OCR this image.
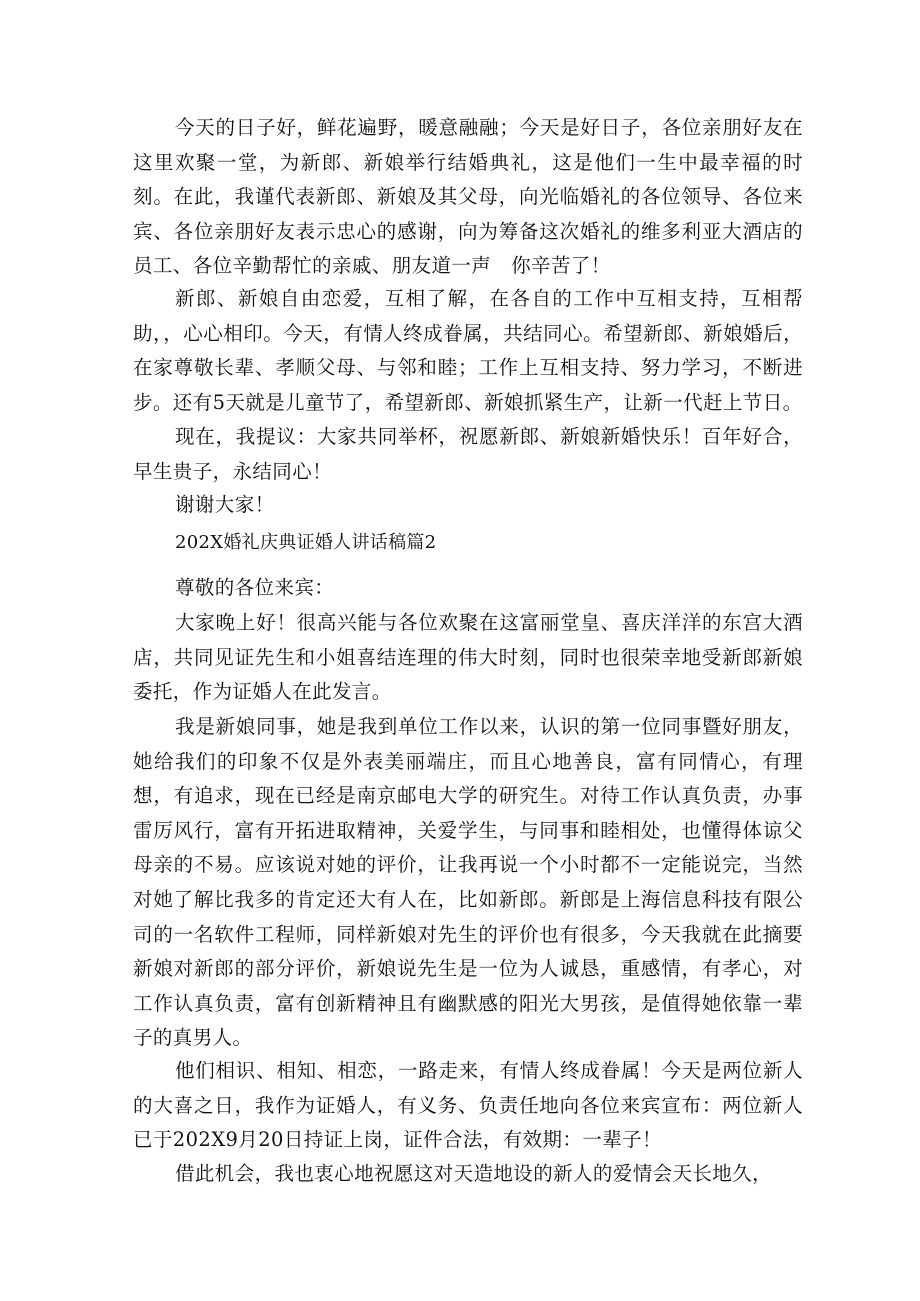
今天的日子好，鲜花遍野，暖意融融；今天是好日子，各位亲朋好友在这里欢聚一堂，为新郎、新娘举行结婚典礼，这是他们一生中最幸福的时刻。在此，我谨代表新郎、新娘及其父母，向光临婚礼的各位领导、各位来宾、各位亲朋好友表示忠心的感谢，向为筹备这次婚礼的维多利亚大酒店的员工、各位辛勤帮忙的亲戚、朋友道一声　你辛苦了！

新郎、新娘自由恋爱，互相了解，在各自的工作中互相支持，互相帮助，，心心相印。今天，有情人终成眷属，共结同心。希望新郎、新娘婚后，在家尊敬长辈、孝顺父母、与邻和睦；工作上互相支持、努力学习，不断进步。还有5天就是儿童节了，希望新郎、新娘抓紧生产，让新一代赶上节日。

现在，我提议：大家共同举杯，祝愿新郎、新娘新婚快乐！百年好合，早生贵子，永结同心！

谢谢大家！

202X婚礼庆典证婚人讲话稿篇2

尊敬的各位来宾：

大家晚上好！很高兴能与各位欢聚在这富丽堂皇、喜庆洋洋的东宫大酒店，共同见证先生和小姐喜结连理的伟大时刻，同时也很荣幸地受新郎新娘委托，作为证婚人在此发言。

我是新娘同事，她是我到单位工作以来，认识的第一位同事暨好朋友，她给我们的印象不仅是外表美丽端庄，而且心地善良，富有同情心，有理想，有追求，现在已经是南京邮电大学的研究生。对待工作认真负责，办事雷厉风行，富有开拓进取精神，关爱学生，与同事和睦相处，也懂得体谅父母亲的不易。应该说对她的评价，让我再说一个小时都不一定能说完，当然对她了解比我多的肯定还大有人在，比如新郎。新郎是上海信息科技有限公司的一名软件工程师，同样新娘对先生的评价也有很多，今天我就在此摘要新娘对新郎的部分评价，新娘说先生是一位为人诚恳，重感情，有孝心，对工作认真负责，富有创新精神且有幽默感的阳光大男孩，是值得她依靠一辈子的真男人。

他们相识、相知、相恋，一路走来，有情人终成眷属！今天是两位新人的大喜之日，我作为证婚人，有义务、负责任地向各位来宾宣布：两位新人已于202X9月20日持证上岗，证件合法，有效期：一辈子！

借此机会，我也衷心地祝愿这对天造地设的新人的爱情会天长地久，
